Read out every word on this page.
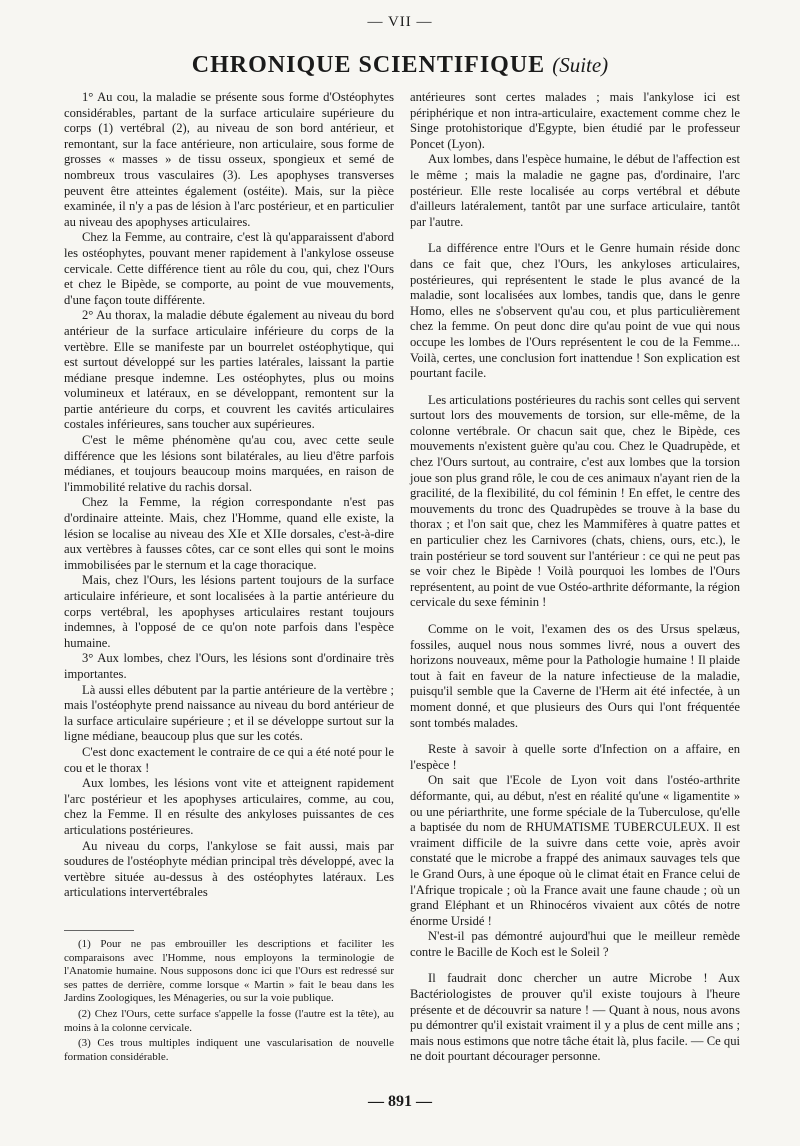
— VII —
CHRONIQUE SCIENTIFIQUE (Suite)

1° Au cou, la maladie se présente sous forme d'Ostéophytes considérables, partant de la surface articulaire supérieure du corps (1) vertébral (2), au niveau de son bord antérieur, et remontant, sur la face antérieure, non articulaire, sous forme de grosses « masses » de tissu osseux, spongieux et semé de nombreux trous vasculaires (3). Les apophyses transverses peuvent être atteintes également (ostéite). Mais, sur la pièce examinée, il n'y a pas de lésion à l'arc postérieur, et en particulier au niveau des apophyses articulaires.

Chez la Femme, au contraire, c'est là qu'apparaissent d'abord les ostéophytes, pouvant mener rapidement à l'ankylose osseuse cervicale. Cette différence tient au rôle du cou, qui, chez l'Ours et chez le Bipède, se comporte, au point de vue mouvements, d'une façon toute différente.

2° Au thorax, la maladie débute également au niveau du bord antérieur de la surface articulaire inférieure du corps de la vertèbre. Elle se manifeste par un bourrelet ostéophytique, qui est surtout développé sur les parties latérales, laissant la partie médiane presque indemne. Les ostéophytes, plus ou moins volumineux et latéraux, en se développant, remontent sur la partie antérieure du corps, et couvrent les cavités articulaires costales inférieures, sans toucher aux supérieures.

C'est le même phénomène qu'au cou, avec cette seule différence que les lésions sont bilatérales, au lieu d'être parfois médianes, et toujours beaucoup moins marquées, en raison de l'immobilité relative du rachis dorsal.

Chez la Femme, la région correspondante n'est pas d'ordinaire atteinte. Mais, chez l'Homme, quand elle existe, la lésion se localise au niveau des XIe et XIIe dorsales, c'est-à-dire aux vertèbres à fausses côtes, car ce sont elles qui sont le moins immobilisées par le sternum et la cage thoracique.

Mais, chez l'Ours, les lésions partent toujours de la surface articulaire inférieure, et sont localisées à la partie antérieure du corps vertébral, les apophyses articulaires restant toujours indemnes, à l'opposé de ce qu'on note parfois dans l'espèce humaine.

3° Aux lombes, chez l'Ours, les lésions sont d'ordinaire très importantes.

Là aussi elles débutent par la partie antérieure de la vertèbre ; mais l'ostéophyte prend naissance au niveau du bord antérieur de la surface articulaire supérieure ; et il se développe surtout sur la ligne médiane, beaucoup plus que sur les cotés.

C'est donc exactement le contraire de ce qui a été noté pour le cou et le thorax !

Aux lombes, les lésions vont vite et atteignent rapidement l'arc postérieur et les apophyses articulaires, comme, au cou, chez la Femme. Il en résulte des ankyloses puissantes de ces articulations postérieures.

Au niveau du corps, l'ankylose se fait aussi, mais par soudures de l'ostéophyte médian principal très développé, avec la vertèbre située au-dessus à des ostéophytes latéraux. Les articulations intervertébrales

(1) Pour ne pas embrouiller les descriptions et faciliter les comparaisons avec l'Homme, nous employons la terminologie de l'Anatomie humaine. Nous supposons donc ici que l'Ours est redressé sur ses pattes de derrière, comme lorsque « Martin » fait le beau dans les Jardins Zoologiques, les Ménageries, ou sur la voie publique.

(2) Chez l'Ours, cette surface s'appelle la fosse (l'autre est la tête), au moins à la colonne cervicale.

(3) Ces trous multiples indiquent une vascularisation de nouvelle formation considérable.

antérieures sont certes malades ; mais l'ankylose ici est périphérique et non intra-articulaire, exactement comme chez le Singe protohistorique d'Egypte, bien étudié par le professeur Poncet (Lyon).

Aux lombes, dans l'espèce humaine, le début de l'affection est le même ; mais la maladie ne gagne pas, d'ordinaire, l'arc postérieur. Elle reste localisée au corps vertébral et débute d'ailleurs latéralement, tantôt par une surface articulaire, tantôt par l'autre.

La différence entre l'Ours et le Genre humain réside donc dans ce fait que, chez l'Ours, les ankyloses articulaires, postérieures, qui représentent le stade le plus avancé de la maladie, sont localisées aux lombes, tandis que, dans le genre Homo, elles ne s'observent qu'au cou, et plus particulièrement chez la femme. On peut donc dire qu'au point de vue qui nous occupe les lombes de l'Ours représentent le cou de la Femme... Voilà, certes, une conclusion fort inattendue ! Son explication est pourtant facile.

Les articulations postérieures du rachis sont celles qui servent surtout lors des mouvements de torsion, sur elle-même, de la colonne vertébrale. Or chacun sait que, chez le Bipède, ces mouvements n'existent guère qu'au cou. Chez le Quadrupède, et chez l'Ours surtout, au contraire, c'est aux lombes que la torsion joue son plus grand rôle, le cou de ces animaux n'ayant rien de la gracilité, de la flexibilité, du col féminin ! En effet, le centre des mouvements du tronc des Quadrupèdes se trouve à la base du thorax ; et l'on sait que, chez les Mammifères à quatre pattes et en particulier chez les Carnivores (chats, chiens, ours, etc.), le train postérieur se tord souvent sur l'antérieur : ce qui ne peut pas se voir chez le Bipède ! Voilà pourquoi les lombes de l'Ours représentent, au point de vue Ostéo-arthrite déformante, la région cervicale du sexe féminin !

Comme on le voit, l'examen des os des Ursus spelæus, fossiles, auquel nous nous sommes livré, nous a ouvert des horizons nouveaux, même pour la Pathologie humaine ! Il plaide tout à fait en faveur de la nature infectieuse de la maladie, puisqu'il semble que la Caverne de l'Herm ait été infectée, à un moment donné, et que plusieurs des Ours qui l'ont fréquentée sont tombés malades.

Reste à savoir à quelle sorte d'Infection on a affaire, en l'espèce !

On sait que l'Ecole de Lyon voit dans l'ostéo-arthrite déformante, qui, au début, n'est en réalité qu'une « ligamentite » ou une périarthrite, une forme spéciale de la Tuberculose, qu'elle a baptisée du nom de RHUMATISME TUBERCULEUX. Il est vraiment difficile de la suivre dans cette voie, après avoir constaté que le microbe a frappé des animaux sauvages tels que le Grand Ours, à une époque où le climat était en France celui de l'Afrique tropicale ; où la France avait une faune chaude ; où un grand Eléphant et un Rhinocéros vivaient aux côtés de notre énorme Ursidé !

N'est-il pas démontré aujourd'hui que le meilleur remède contre le Bacille de Koch est le Soleil ?

Il faudrait donc chercher un autre Microbe ! Aux Bactériologistes de prouver qu'il existe toujours à l'heure présente et de découvrir sa nature ! — Quant à nous, nous avons pu démontrer qu'il existait vraiment il y a plus de cent mille ans ; mais nous estimons que notre tâche était là, plus facile. — Ce qui ne doit pourtant décourager personne.

— 891 —
